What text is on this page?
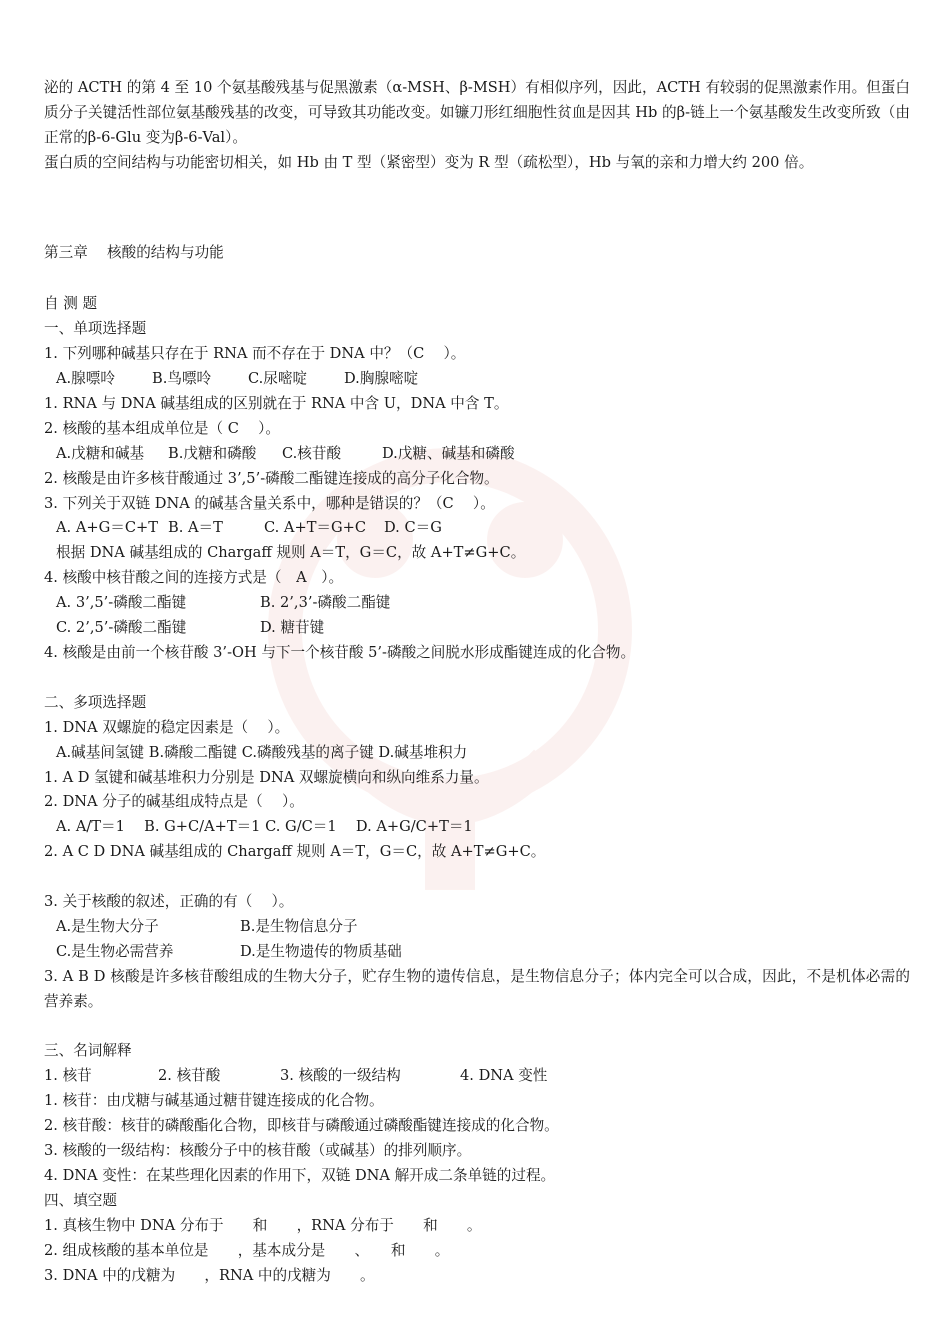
泌的 ACTH 的第 4 至 10 个氨基酸残基与促黑激素（α-MSH、β-MSH）有相似序列，因此，ACTH 有较弱的促黑激素作用。但蛋白质分子关键活性部位氨基酸残基的改变，可导致其功能改变。如镰刀形红细胞性贫血是因其 Hb 的β-链上一个氨基酸发生改变所致（由正常的β-6-Glu 变为β-6-Val）。
蛋白质的空间结构与功能密切相关，如 Hb 由 T 型（紧密型）变为 R 型（疏松型），Hb 与氧的亲和力增大约 200 倍。
第三章　 核酸的结构与功能
自 测 题
一、单项选择题
1. 下列哪种碱基只存在于 RNA 而不存在于 DNA 中？（C　 ）。
A.腺嘌呤	B.鸟嘌呤	C.尿嘧啶	D.胸腺嘧啶
1. RNA 与 DNA 碱基组成的区别就在于 RNA 中含 U，DNA 中含 T。
2. 核酸的基本组成单位是（ C　 ）。
A.戊糖和碱基 B.戊糖和磷酸 C.核苷酸	D.戊糖、碱基和磷酸
2. 核酸是由许多核苷酸通过 3’,5’-磷酸二酯键连接成的高分子化合物。
3. 下列关于双链 DNA 的碱基含量关系中，哪种是错误的？（C　 ）。
A. A+G＝C+T B. A＝T	C. A+T＝G+C D. C＝G
根据 DNA 碱基组成的 Chargaff 规则 A＝T，G＝C，故 A+T≠G+C。
4. 核酸中核苷酸之间的连接方式是（　A　）。
A. 3’,5’-磷酸二酯键	B. 2’,3’-磷酸二酯键
C. 2’,5’-磷酸二酯键	D. 糖苷键
4. 核酸是由前一个核苷酸 3’-OH 与下一个核苷酸 5’-磷酸之间脱水形成酯键连成的化合物。
二、多项选择题
1. DNA 双螺旋的稳定因素是（　 ）。
A.碱基间氢键 B.磷酸二酯键 C.磷酸残基的离子键 D.碱基堆积力
1. A D 氢键和碱基堆积力分别是 DNA 双螺旋横向和纵向维系力量。
2. DNA 分子的碱基组成特点是（　 ）。
A. A/T＝1　 B. G+C/A+T＝1 C. G/C＝1　 D. A+G/C+T＝1
2. A C D DNA 碱基组成的 Chargaff 规则 A＝T，G＝C，故 A+T≠G+C。
3. 关于核酸的叙述，正确的有（　 ）。
A.是生物大分子	B.是生物信息分子
C.是生物必需营养	D.是生物遗传的物质基础
3. A B D 核酸是许多核苷酸组成的生物大分子，贮存生物的遗传信息，是生物信息分子；体内完全可以合成，因此，不是机体必需的营养素。
三、名词解释
1. 核苷	2. 核苷酸	3. 核酸的一级结构	4. DNA 变性
1. 核苷：由戊糖与碱基通过糖苷键连接成的化合物。
2. 核苷酸：核苷的磷酸酯化合物，即核苷与磷酸通过磷酸酯键连接成的化合物。
3. 核酸的一级结构：核酸分子中的核苷酸（或碱基）的排列顺序。
4. DNA 变性：在某些理化因素的作用下，双链 DNA 解开成二条单链的过程。
四、填空题
1. 真核生物中 DNA 分布于　　和　　，RNA 分布于　　和　　。
2. 组成核酸的基本单位是　　，基本成分是　　、　　和　　。
3. DNA 中的戊糖为　　，RNA 中的戊糖为　　。
